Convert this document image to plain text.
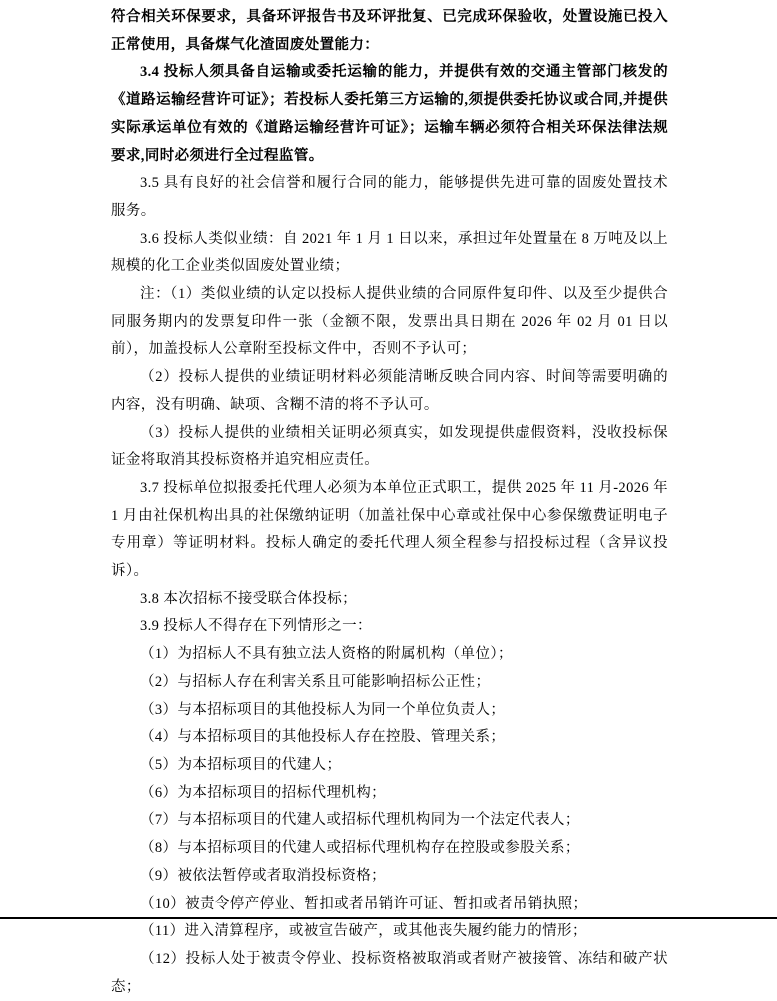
符合相关环保要求，具备环评报告书及环评批复、已完成环保验收，处置设施已投入正常使用，具备煤气化渣固废处置能力：

3.4 投标人须具备自运输或委托运输的能力，并提供有效的交通主管部门核发的《道路运输经营许可证》；若投标人委托第三方运输的,须提供委托协议或合同,并提供实际承运单位有效的《道路运输经营许可证》；运输车辆必须符合相关环保法律法规要求,同时必须进行全过程监管。

3.5 具有良好的社会信誉和履行合同的能力，能够提供先进可靠的固废处置技术服务。

3.6 投标人类似业绩：自 2021 年 1 月 1 日以来，承担过年处置量在 8 万吨及以上规模的化工企业类似固废处置业绩；

注：（1）类似业绩的认定以投标人提供业绩的合同原件复印件、以及至少提供合同服务期内的发票复印件一张（金额不限，发票出具日期在 2026 年 02 月 01 日以前），加盖投标人公章附至投标文件中，否则不予认可；

（2）投标人提供的业绩证明材料必须能清晰反映合同内容、时间等需要明确的内容，没有明确、缺项、含糊不清的将不予认可。

（3）投标人提供的业绩相关证明必须真实，如发现提供虚假资料，没收投标保证金将取消其投标资格并追究相应责任。

3.7 投标单位拟报委托代理人必须为本单位正式职工，提供 2025 年 11 月-2026 年 1 月由社保机构出具的社保缴纳证明（加盖社保中心章或社保中心参保缴费证明电子专用章）等证明材料。投标人确定的委托代理人须全程参与招投标过程（含异议投诉）。

3.8 本次招标不接受联合体投标；

3.9 投标人不得存在下列情形之一：

（1）为招标人不具有独立法人资格的附属机构（单位）；

（2）与招标人存在利害关系且可能影响招标公正性；

（3）与本招标项目的其他投标人为同一个单位负责人；

（4）与本招标项目的其他投标人存在控股、管理关系；

（5）为本招标项目的代建人；

（6）为本招标项目的招标代理机构；

（7）与本招标项目的代建人或招标代理机构同为一个法定代表人；

（8）与本招标项目的代建人或招标代理机构存在控股或参股关系；

（9）被依法暂停或者取消投标资格；

（10）被责令停产停业、暂扣或者吊销许可证、暂扣或者吊销执照；

（11）进入清算程序，或被宣告破产，或其他丧失履约能力的情形；

（12）投标人处于被责令停业、投标资格被取消或者财产被接管、冻结和破产状态；
